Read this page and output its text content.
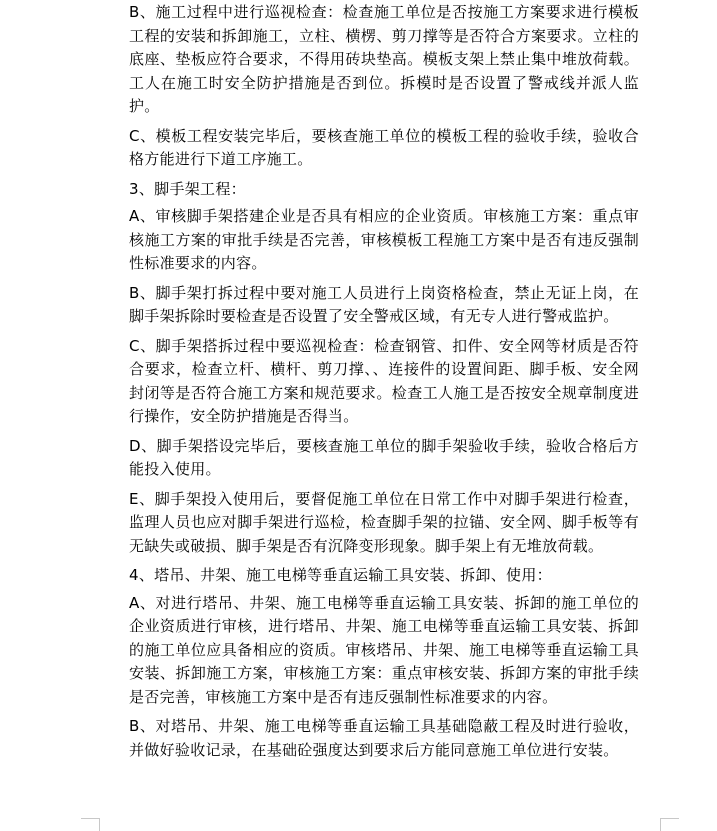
B、施工过程中进行巡视检查：检查施工单位是否按施工方案要求进行模板工程的安装和拆卸施工，立柱、横楞、剪刀撑等是否符合方案要求。立柱的底座、垫板应符合要求，不得用砖块垫高。模板支架上禁止集中堆放荷载。工人在施工时安全防护措施是否到位。拆模时是否设置了警戒线并派人监护。

C、模板工程安装完毕后，要核查施工单位的模板工程的验收手续，验收合格方能进行下道工序施工。

3、脚手架工程：

A、审核脚手架搭建企业是否具有相应的企业资质。审核施工方案：重点审核施工方案的审批手续是否完善，审核模板工程施工方案中是否有违反强制性标准要求的内容。

B、脚手架打拆过程中要对施工人员进行上岗资格检查，禁止无证上岗，在脚手架拆除时要检查是否设置了安全警戒区域，有无专人进行警戒监护。

C、脚手架搭拆过程中要巡视检查：检查钢管、扣件、安全网等材质是否符合要求，检查立杆、横杆、剪刀撑、、连接件的设置间距、脚手板、安全网封闭等是否符合施工方案和规范要求。检查工人施工是否按安全规章制度进行操作，安全防护措施是否得当。

D、脚手架搭设完毕后，要核查施工单位的脚手架验收手续，验收合格后方能投入使用。

E、脚手架投入使用后，要督促施工单位在日常工作中对脚手架进行检查，监理人员也应对脚手架进行巡检，检查脚手架的拉锚、安全网、脚手板等有无缺失或破损、脚手架是否有沉降变形现象。脚手架上有无堆放荷载。

4、塔吊、井架、施工电梯等垂直运输工具安装、拆卸、使用：

A、对进行塔吊、井架、施工电梯等垂直运输工具安装、拆卸的施工单位的企业资质进行审核，进行塔吊、井架、施工电梯等垂直运输工具安装、拆卸的施工单位应具备相应的资质。审核塔吊、井架、施工电梯等垂直运输工具安装、拆卸施工方案，审核施工方案：重点审核安装、拆卸方案的审批手续是否完善，审核施工方案中是否有违反强制性标准要求的内容。

B、对塔吊、井架、施工电梯等垂直运输工具基础隐蔽工程及时进行验收，并做好验收记录，在基础砼强度达到要求后方能同意施工单位进行安装。
